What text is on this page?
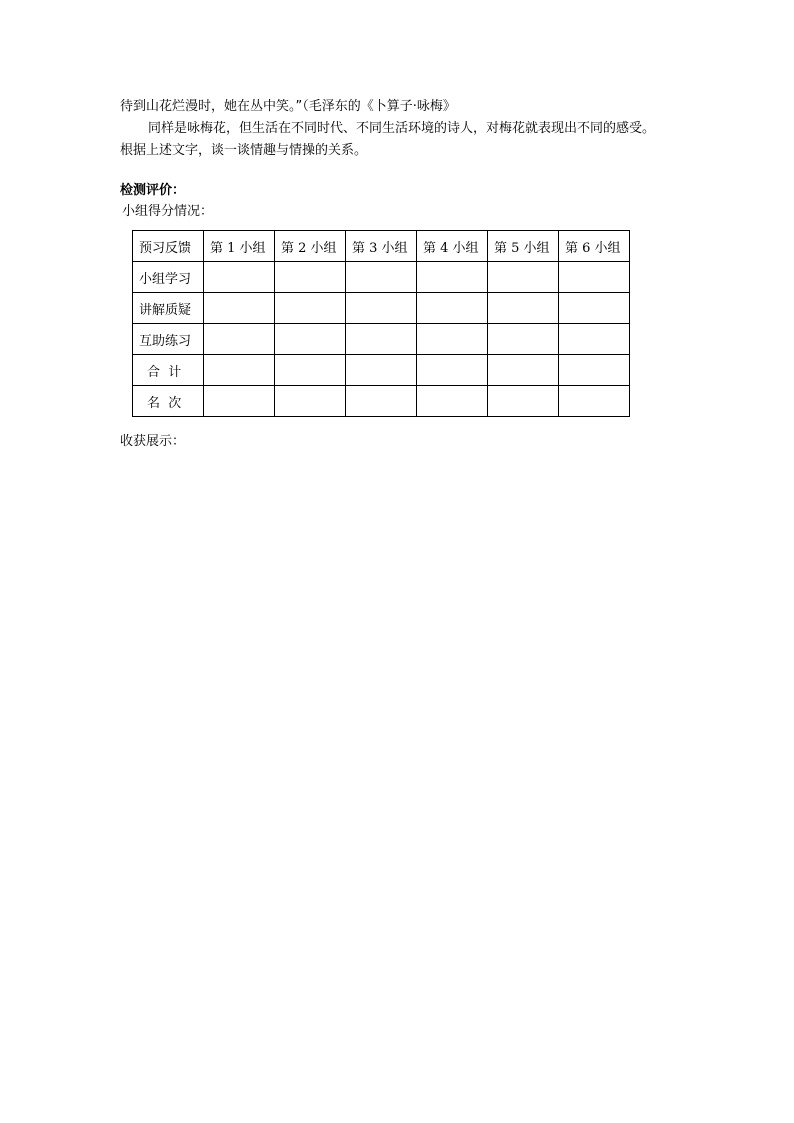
待到山花烂漫时，她在丛中笑。”（毛泽东的《卜算子·咏梅》
同样是咏梅花，但生活在不同时代、不同生活环境的诗人，对梅花就表现出不同的感受。
根据上述文字，谈一谈情趣与情操的关系。
检测评价：
小组得分情况：
预习反馈	第 1 小组	第 2 小组	第 3 小组	第 4 小组	第 5 小组	第 6 小组
小组学习						
讲解质疑						
互助练习						
合  计						
名  次						
收获展示：
